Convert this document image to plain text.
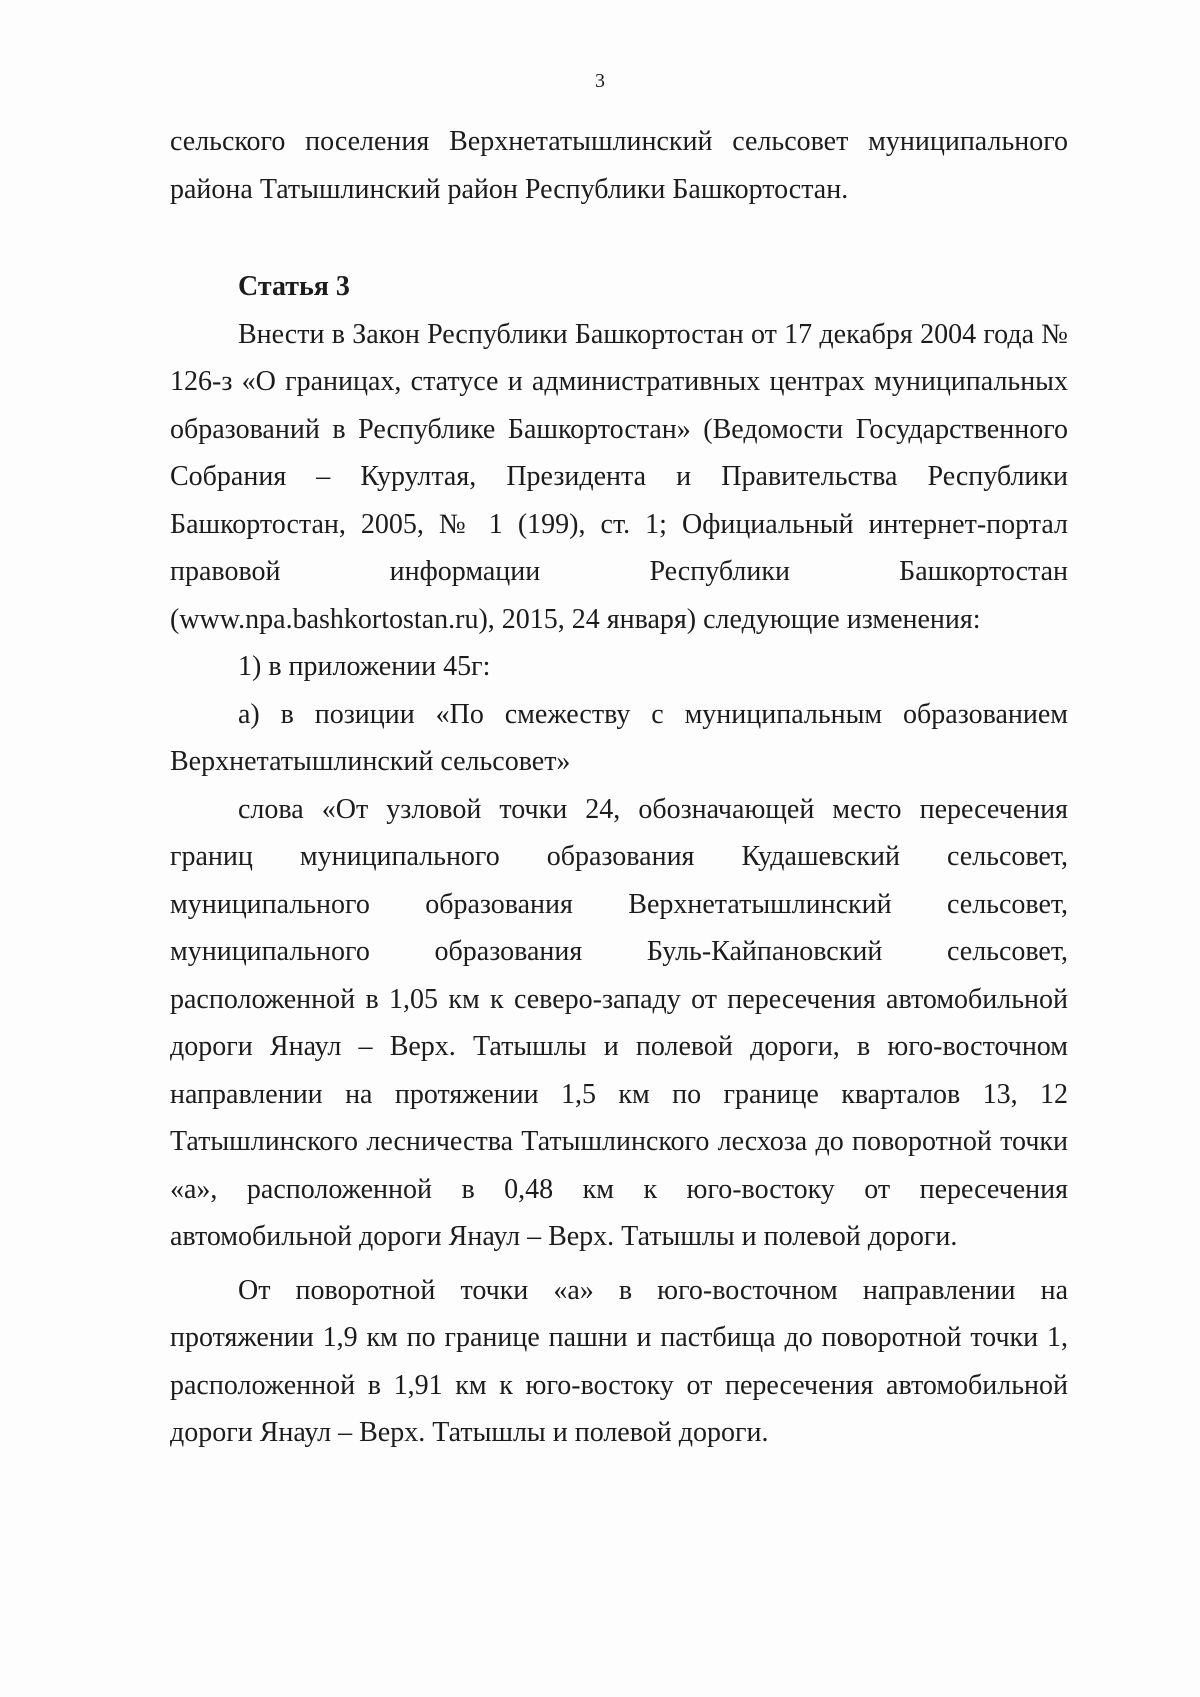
3

сельского поселения Верхнетатышлинский сельсовет муниципального района Татышлинский район Республики Башкортостан.

Статья 3

Внести в Закон Республики Башкортостан от 17 декабря 2004 года № 126-з «О границах, статусе и административных центрах муниципальных образований в Республике Башкортостан» (Ведомости Государственного Собрания – Курултая, Президента и Правительства Республики Башкортостан, 2005, № 1 (199), ст. 1; Официальный интернет-портал правовой информации Республики Башкортостан (www.npa.bashkortostan.ru), 2015, 24 января) следующие изменения:

1) в приложении 45г:

а) в позиции «По смежеству с муниципальным образованием Верхнетатышлинский сельсовет»

слова «От узловой точки 24, обозначающей место пересечения границ муниципального образования Кудашевский сельсовет, муниципального образования Верхнетатышлинский сельсовет, муниципального образования Буль-Кайпановский сельсовет, расположенной в 1,05 км к северо-западу от пересечения автомобильной дороги Янаул – Верх. Татышлы и полевой дороги, в юго-восточном направлении на протяжении 1,5 км по границе кварталов 13, 12 Татышлинского лесничества Татышлинского лесхоза до поворотной точки «а», расположенной в 0,48 км к юго-востоку от пересечения автомобильной дороги Янаул – Верх. Татышлы и полевой дороги.

От поворотной точки «а» в юго-восточном направлении на протяжении 1,9 км по границе пашни и пастбища до поворотной точки 1, расположенной в 1,91 км к юго-востоку от пересечения автомобильной дороги Янаул – Верх. Татышлы и полевой дороги.
